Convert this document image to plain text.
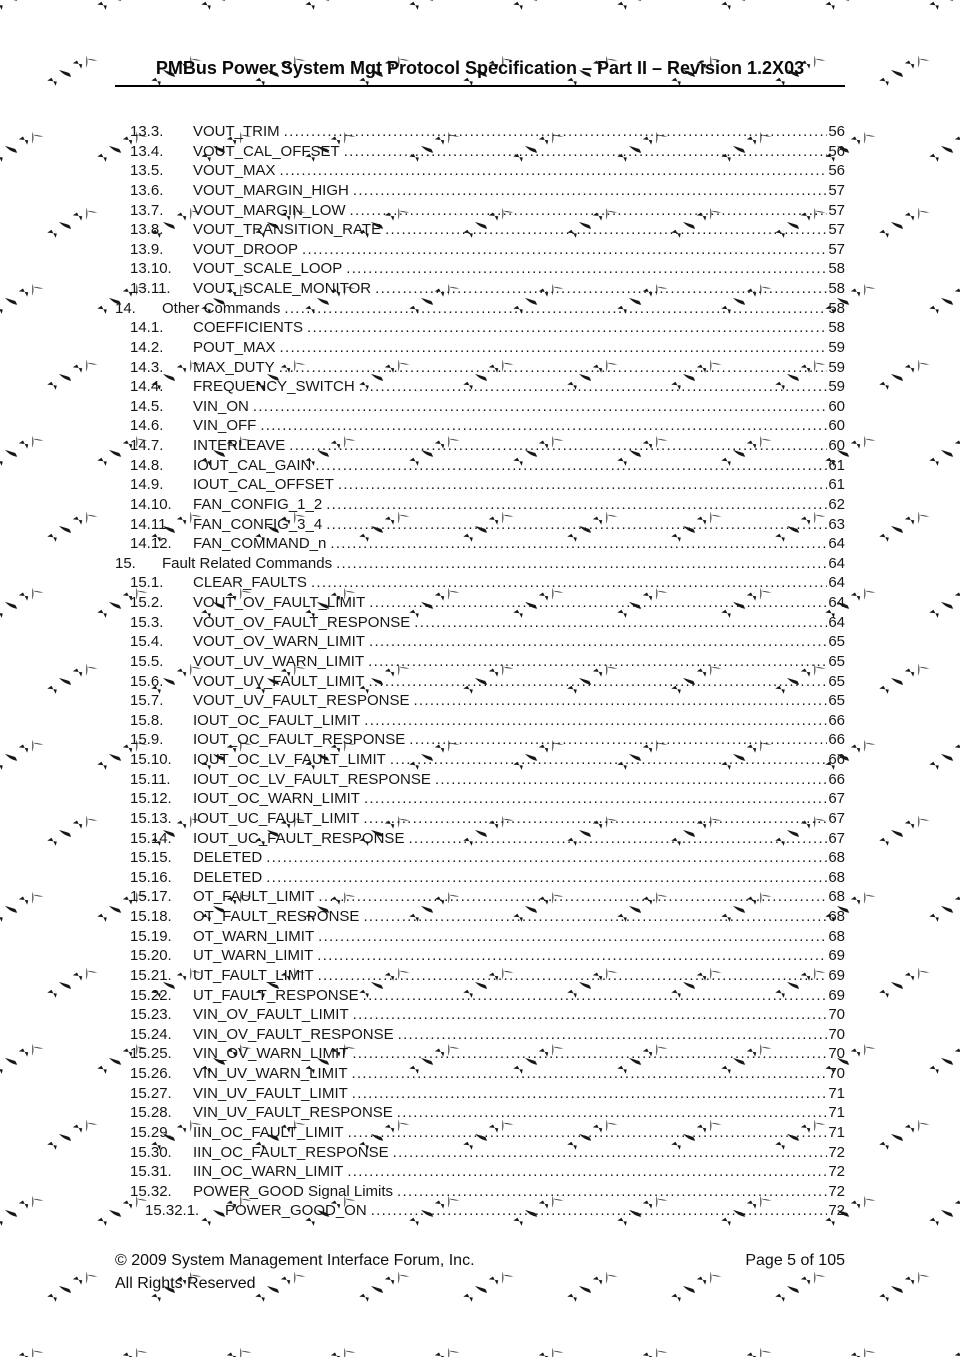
PMBus Power System Mgt Protocol Specification – Part II – Revision 1.2X03
13.3.	VOUT_TRIM .....	56
13.4.	VOUT_CAL_OFFSET .....	56
13.5.	VOUT_MAX .....	56
13.6.	VOUT_MARGIN_HIGH .....	57
13.7.	VOUT_MARGIN_LOW .....	57
13.8.	VOUT_TRANSITION_RATE .....	57
13.9.	VOUT_DROOP .....	57
13.10.	VOUT_SCALE_LOOP .....	58
13.11.	VOUT_SCALE_MONITOR .....	58
14.	Other Commands .....	58
14.1.	COEFFICIENTS .....	58
14.2.	POUT_MAX .....	59
14.3.	MAX_DUTY .....	59
14.4.	FREQUENCY_SWITCH .....	59
14.5.	VIN_ON .....	60
14.6.	VIN_OFF .....	60
14.7.	INTERLEAVE .....	60
14.8.	IOUT_CAL_GAIN .....	61
14.9.	IOUT_CAL_OFFSET .....	61
14.10.	FAN_CONFIG_1_2 .....	62
14.11.	FAN_CONFIG_3_4 .....	63
14.12.	FAN_COMMAND_n .....	64
15.	Fault Related Commands .....	64
15.1.	CLEAR_FAULTS .....	64
15.2.	VOUT_OV_FAULT_LIMIT .....	64
15.3.	VOUT_OV_FAULT_RESPONSE .....	64
15.4.	VOUT_OV_WARN_LIMIT .....	65
15.5.	VOUT_UV_WARN_LIMIT .....	65
15.6.	VOUT_UV_FAULT_LIMIT .....	65
15.7.	VOUT_UV_FAULT_RESPONSE .....	65
15.8.	IOUT_OC_FAULT_LIMIT .....	66
15.9.	IOUT_OC_FAULT_RESPONSE .....	66
15.10.	IOUT_OC_LV_FAULT_LIMIT .....	66
15.11.	IOUT_OC_LV_FAULT_RESPONSE .....	66
15.12.	IOUT_OC_WARN_LIMIT .....	67
15.13.	IOUT_UC_FAULT_LIMIT .....	67
15.14.	IOUT_UC_FAULT_RESPONSE .....	67
15.15.	DELETED .....	68
15.16.	DELETED .....	68
15.17.	OT_FAULT_LIMIT .....	68
15.18.	OT_FAULT_RESPONSE .....	68
15.19.	OT_WARN_LIMIT .....	68
15.20.	UT_WARN_LIMIT .....	69
15.21.	UT_FAULT_LIMIT .....	69
15.22.	UT_FAULT_RESPONSE .....	69
15.23.	VIN_OV_FAULT_LIMIT .....	70
15.24.	VIN_OV_FAULT_RESPONSE .....	70
15.25.	VIN_OV_WARN_LIMIT .....	70
15.26.	VIN_UV_WARN_LIMIT .....	70
15.27.	VIN_UV_FAULT_LIMIT .....	71
15.28.	VIN_UV_FAULT_RESPONSE .....	71
15.29.	IIN_OC_FAULT_LIMIT .....	71
15.30.	IIN_OC_FAULT_RESPONSE .....	72
15.31.	IIN_OC_WARN_LIMIT .....	72
15.32.	POWER_GOOD Signal Limits .....	72
15.32.1.	POWER_GOOD_ON .....	72
© 2009 System Management Interface Forum, Inc.
All Rights Reserved
Page 5 of 105
